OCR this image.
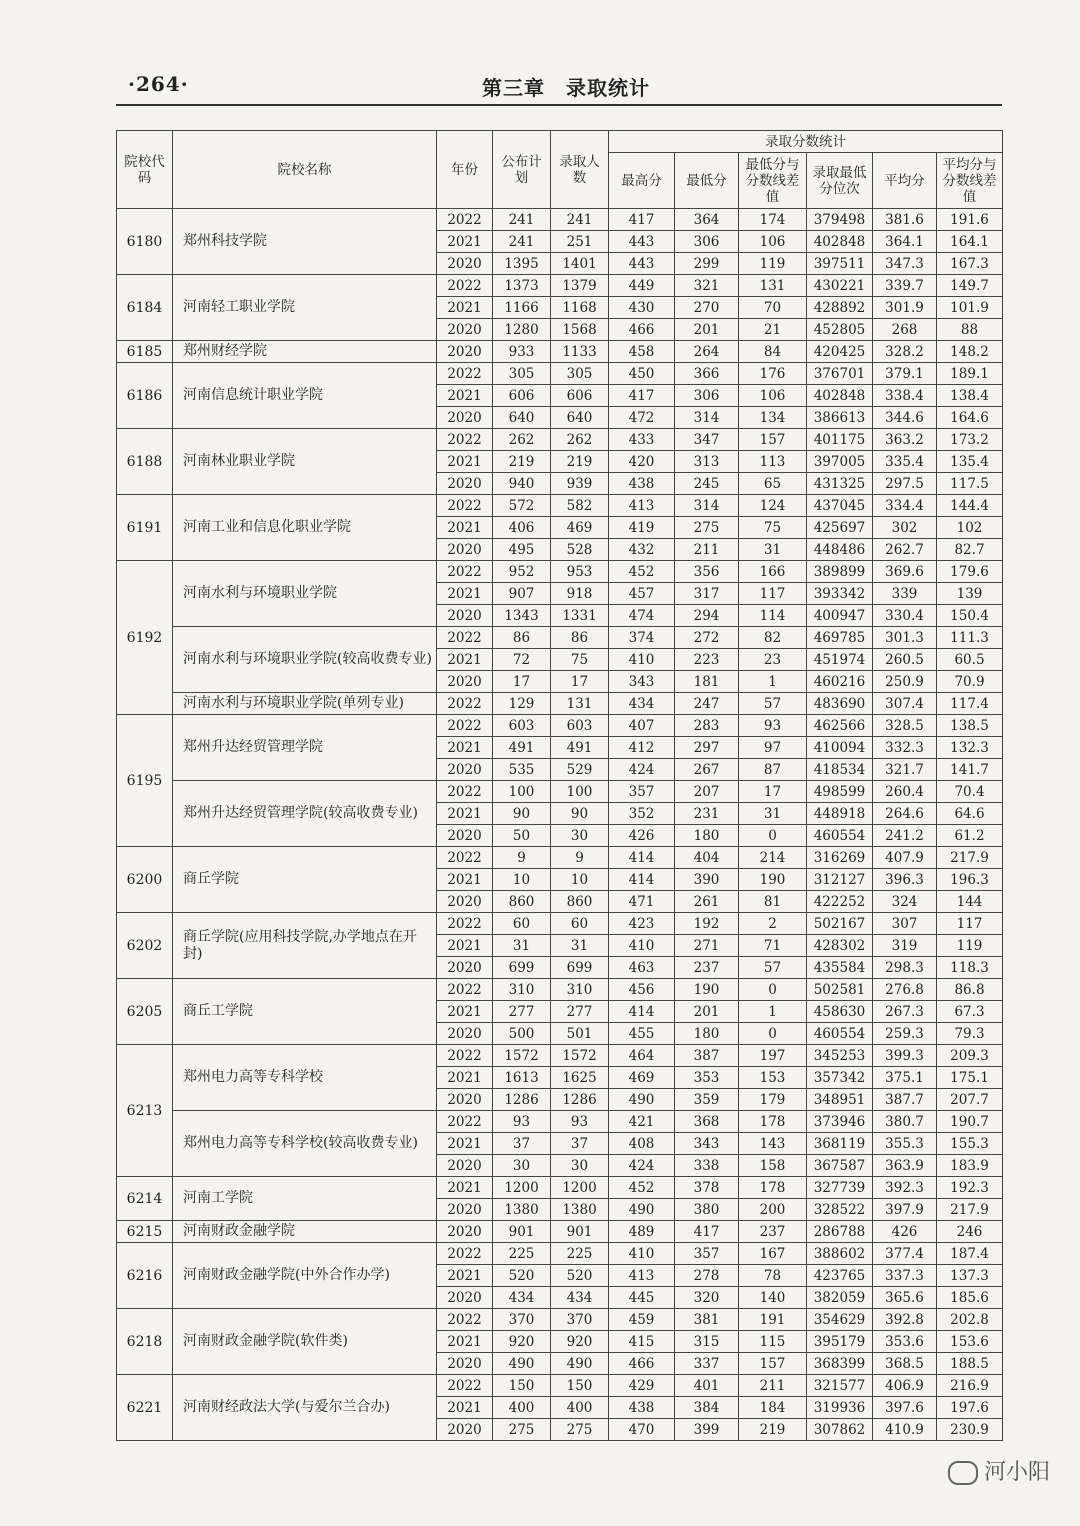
·264·	第三章　录取统计
院校代码	院校名称	年份	公布计划	录取人数	录取分数统计					
					最高分	最低分	最低分与分数线差值	录取最低分位次	平均分	平均分与分数线差值
6180	郑州科技学院	2022	241	241	417	364	174	379498	381.6	191.6
		2021	241	251	443	306	106	402848	364.1	164.1
		2020	1395	1401	443	299	119	397511	347.3	167.3
6184	河南轻工职业学院	2022	1373	1379	449	321	131	430221	339.7	149.7
		2021	1166	1168	430	270	70	428892	301.9	101.9
		2020	1280	1568	466	201	21	452805	268	88
6185	郑州财经学院	2020	933	1133	458	264	84	420425	328.2	148.2
6186	河南信息统计职业学院	2022	305	305	450	366	176	376701	379.1	189.1
		2021	606	606	417	306	106	402848	338.4	138.4
		2020	640	640	472	314	134	386613	344.6	164.6
6188	河南林业职业学院	2022	262	262	433	347	157	401175	363.2	173.2
		2021	219	219	420	313	113	397005	335.4	135.4
		2020	940	939	438	245	65	431325	297.5	117.5
6191	河南工业和信息化职业学院	2022	572	582	413	314	124	437045	334.4	144.4
		2021	406	469	419	275	75	425697	302	102
		2020	495	528	432	211	31	448486	262.7	82.7
6192	河南水利与环境职业学院	2022	952	953	452	356	166	389899	369.6	179.6
		2021	907	918	457	317	117	393342	339	139
		2020	1343	1331	474	294	114	400947	330.4	150.4
	河南水利与环境职业学院(较高收费专业)	2022	86	86	374	272	82	469785	301.3	111.3
		2021	72	75	410	223	23	451974	260.5	60.5
		2020	17	17	343	181	1	460216	250.9	70.9
	河南水利与环境职业学院(单列专业)	2022	129	131	434	247	57	483690	307.4	117.4
6195	郑州升达经贸管理学院	2022	603	603	407	283	93	462566	328.5	138.5
		2021	491	491	412	297	97	410094	332.3	132.3
		2020	535	529	424	267	87	418534	321.7	141.7
	郑州升达经贸管理学院(较高收费专业)	2022	100	100	357	207	17	498599	260.4	70.4
		2021	90	90	352	231	31	448918	264.6	64.6
		2020	50	30	426	180	0	460554	241.2	61.2
6200	商丘学院	2022	9	9	414	404	214	316269	407.9	217.9
		2021	10	10	414	390	190	312127	396.3	196.3
		2020	860	860	471	261	81	422252	324	144
6202	商丘学院(应用科技学院,办学地点在开封)	2022	60	60	423	192	2	502167	307	117
		2021	31	31	410	271	71	428302	319	119
		2020	699	699	463	237	57	435584	298.3	118.3
6205	商丘工学院	2022	310	310	456	190	0	502581	276.8	86.8
		2021	277	277	414	201	1	458630	267.3	67.3
		2020	500	501	455	180	0	460554	259.3	79.3
6213	郑州电力高等专科学校	2022	1572	1572	464	387	197	345253	399.3	209.3
		2021	1613	1625	469	353	153	357342	375.1	175.1
		2020	1286	1286	490	359	179	348951	387.7	207.7
	郑州电力高等专科学校(较高收费专业)	2022	93	93	421	368	178	373946	380.7	190.7
		2021	37	37	408	343	143	368119	355.3	155.3
		2020	30	30	424	338	158	367587	363.9	183.9
6214	河南工学院	2021	1200	1200	452	378	178	327739	392.3	192.3
		2020	1380	1380	490	380	200	328522	397.9	217.9
6215	河南财政金融学院	2020	901	901	489	417	237	286788	426	246
6216	河南财政金融学院(中外合作办学)	2022	225	225	410	357	167	388602	377.4	187.4
		2021	520	520	413	278	78	423765	337.3	137.3
		2020	434	434	445	320	140	382059	365.6	185.6
6218	河南财政金融学院(软件类)	2022	370	370	459	381	191	354629	392.8	202.8
		2021	920	920	415	315	115	395179	353.6	153.6
		2020	490	490	466	337	157	368399	368.5	188.5
6221	河南财经政法大学(与爱尔兰合办)	2022	150	150	429	401	211	321577	406.9	216.9
		2021	400	400	438	384	184	319936	397.6	197.6
		2020	275	275	470	399	219	307862	410.9	230.9
河小阳
